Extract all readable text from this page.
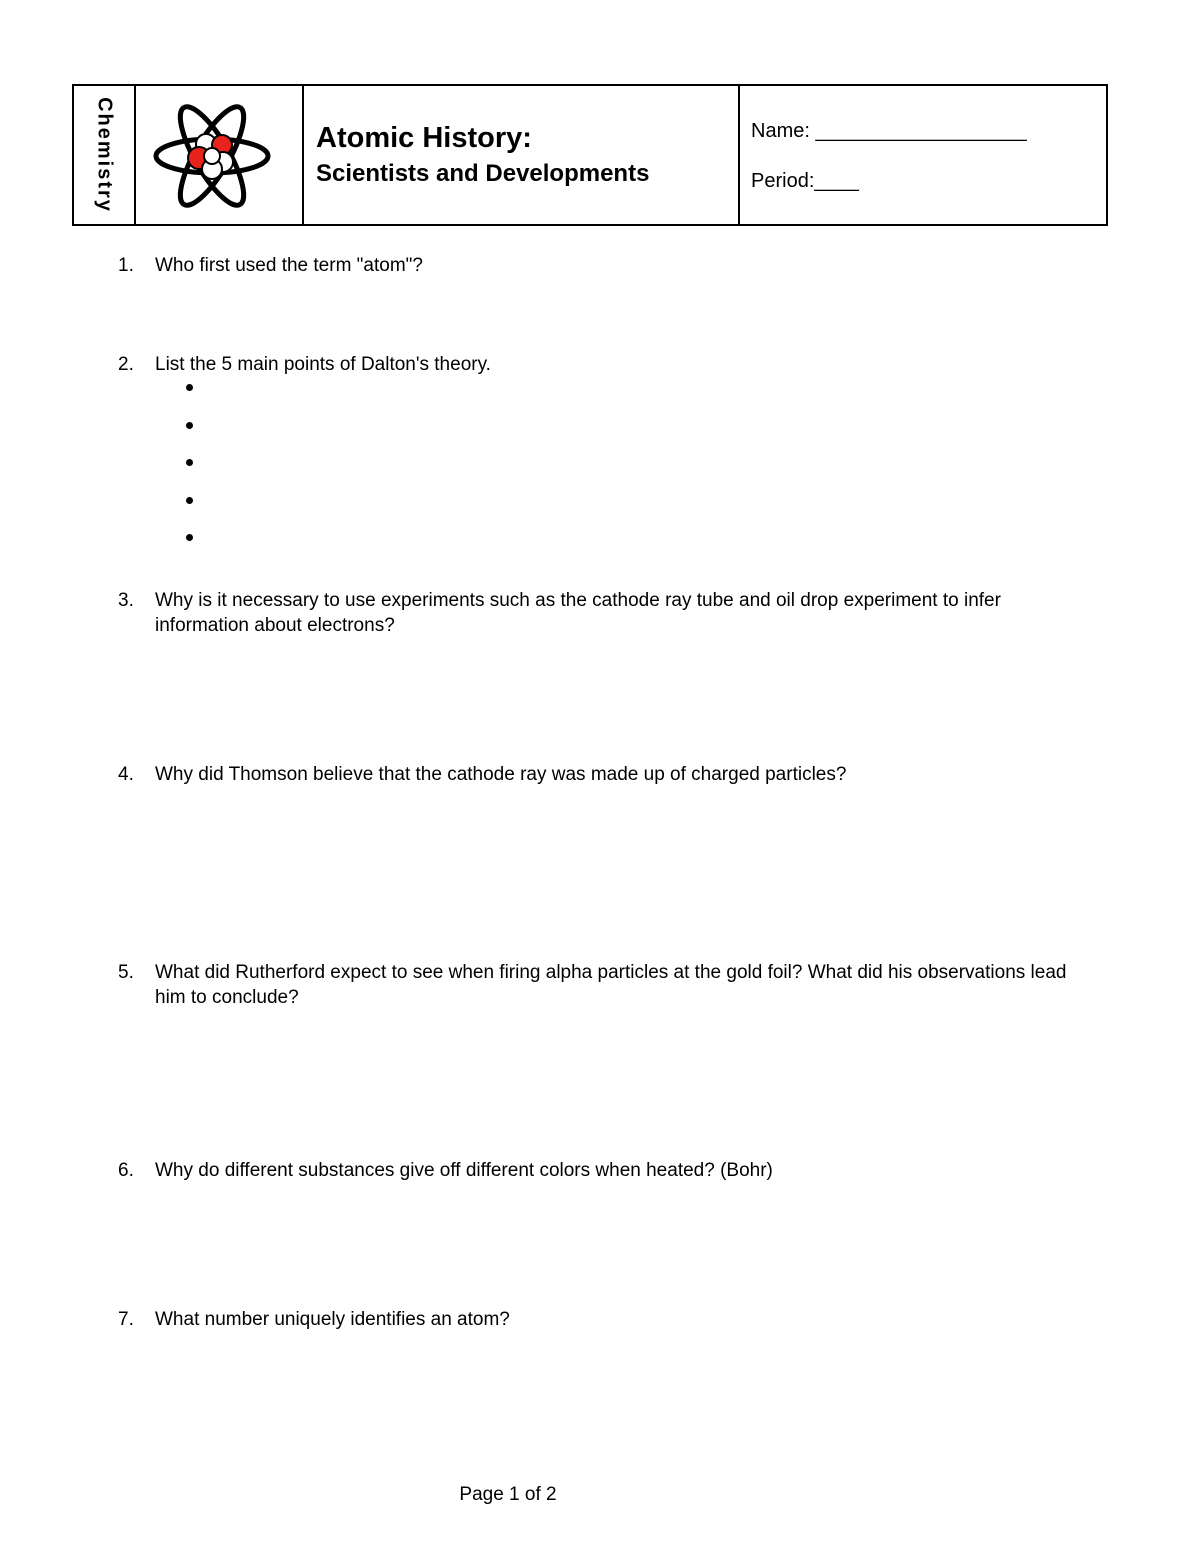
Chemistry	Atomic History:
Scientists and Developments
Name: ___________________
Period:____
1.	Who first used the term "atom"?
2.	List the 5 main points of Dalton's theory.
3.	Why is it necessary to use experiments such as the cathode ray tube and oil drop experiment to infer information about electrons?
4.	Why did Thomson believe that the cathode ray was made up of charged particles?
5.	What did Rutherford expect to see when firing alpha particles at the gold foil? What did his observations lead him to conclude?
6.	Why do different substances give off different colors when heated? (Bohr)
7.	What number uniquely identifies an atom?
Page 1 of 2
